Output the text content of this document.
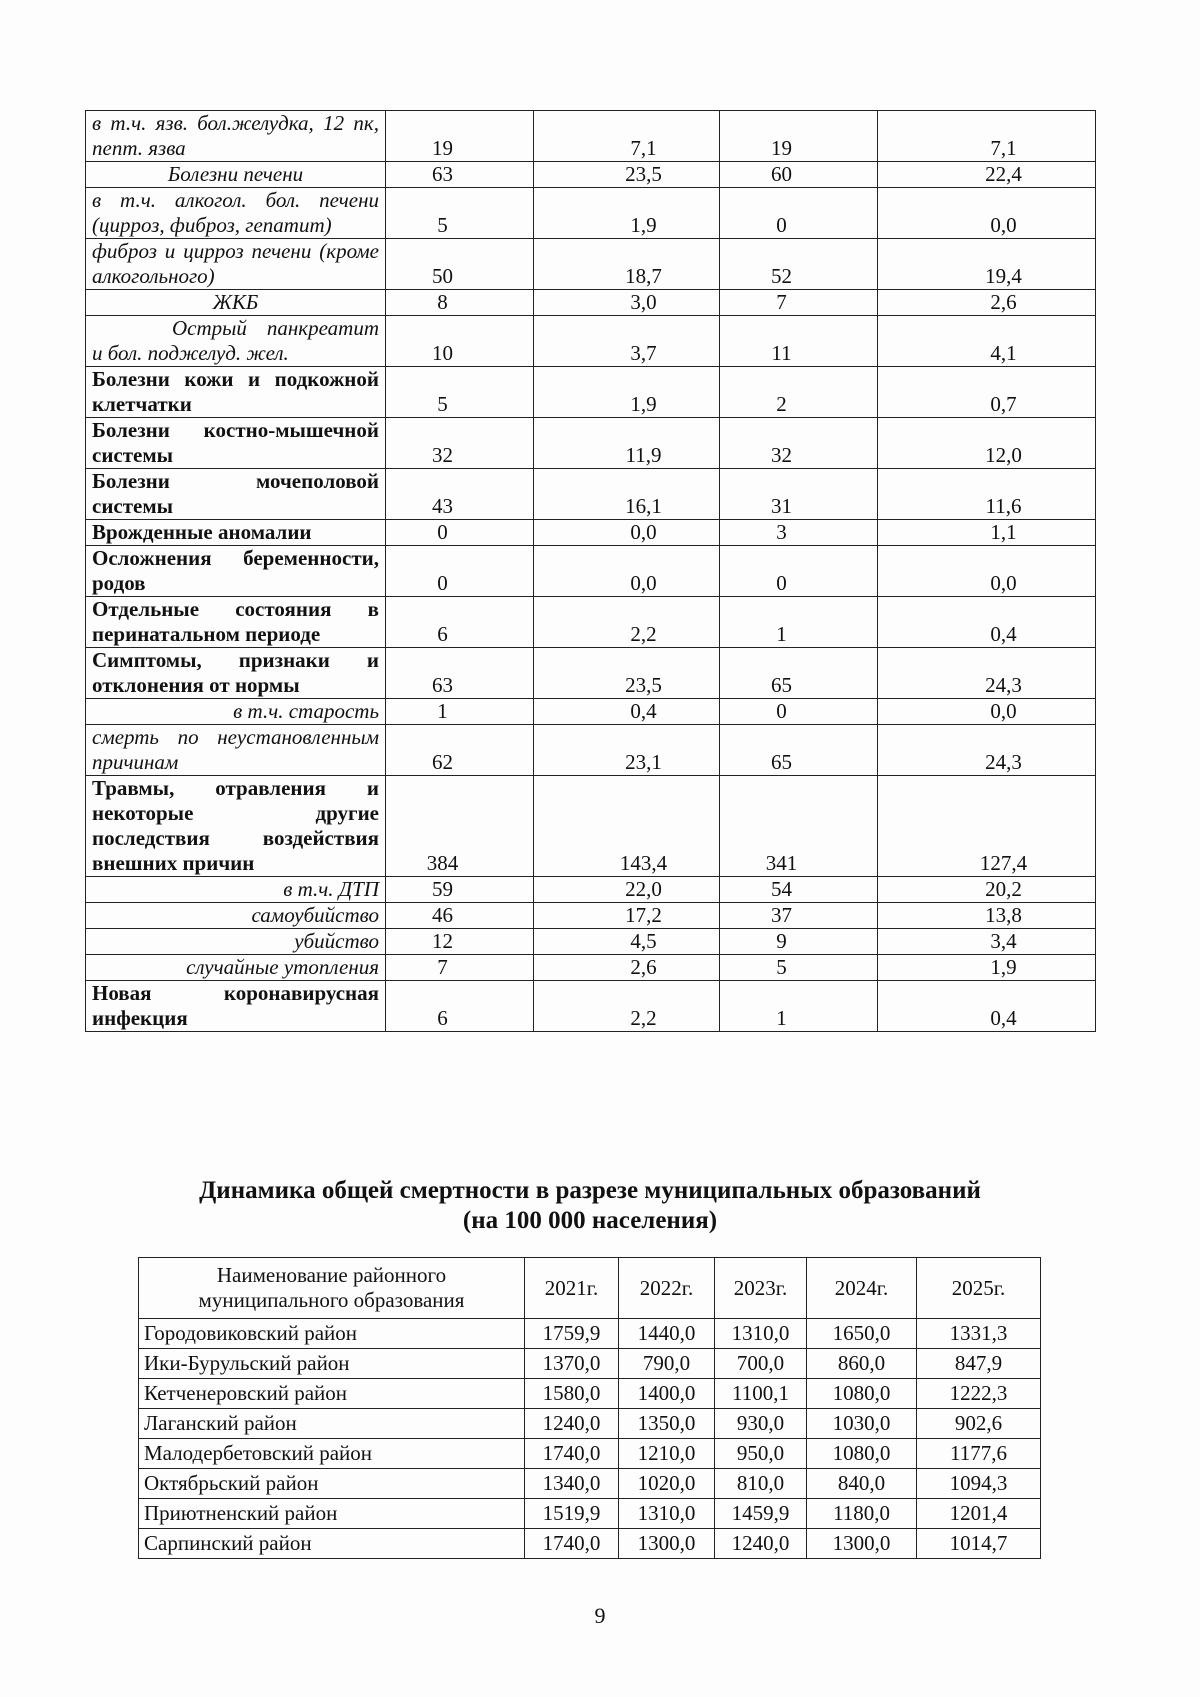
в т.ч. язв. бол.желудка, 12 пк, пепт. язва	19	7,1	19	7,1
Болезни печени	63	23,5	60	22,4
в т.ч. алкогол. бол. печени (цирроз, фиброз, гепатит)	5	1,9	0	0,0
фиброз и цирроз печени (кроме алкогольного)	50	18,7	52	19,4
ЖКБ	8	3,0	7	2,6
Острый панкреатит и бол. поджелуд. жел.	10	3,7	11	4,1
Болезни кожи и подкожной клетчатки	5	1,9	2	0,7
Болезни костно-мышечной системы	32	11,9	32	12,0
Болезни мочеполовой системы	43	16,1	31	11,6
Врожденные аномалии	0	0,0	3	1,1
Осложнения беременности, родов	0	0,0	0	0,0
Отдельные состояния в перинатальном периоде	6	2,2	1	0,4
Симптомы, признаки и отклонения от нормы	63	23,5	65	24,3
в т.ч. старость	1	0,4	0	0,0
смерть по неустановленным причинам	62	23,1	65	24,3
Травмы, отравления и некоторые другие последствия воздействия внешних причин	384	143,4	341	127,4
в т.ч. ДТП	59	22,0	54	20,2
самоубийство	46	17,2	37	13,8
убийство	12	4,5	9	3,4
случайные утопления	7	2,6	5	1,9
Новая коронавирусная инфекция	6	2,2	1	0,4
Динамика общей смертности в разрезе муниципальных образований
(на 100 000 населения)
Наименование районного муниципального образования	2021г.	2022г.	2023г.	2024г.	2025г.
Городовиковский район	1759,9	1440,0	1310,0	1650,0	1331,3
Ики-Бурульский район	1370,0	790,0	700,0	860,0	847,9
Кетченеровский район	1580,0	1400,0	1100,1	1080,0	1222,3
Лаганский район	1240,0	1350,0	930,0	1030,0	902,6
Малодербетовский район	1740,0	1210,0	950,0	1080,0	1177,6
Октябрьский район	1340,0	1020,0	810,0	840,0	1094,3
Приютненский район	1519,9	1310,0	1459,9	1180,0	1201,4
Сарпинский район	1740,0	1300,0	1240,0	1300,0	1014,7
9
